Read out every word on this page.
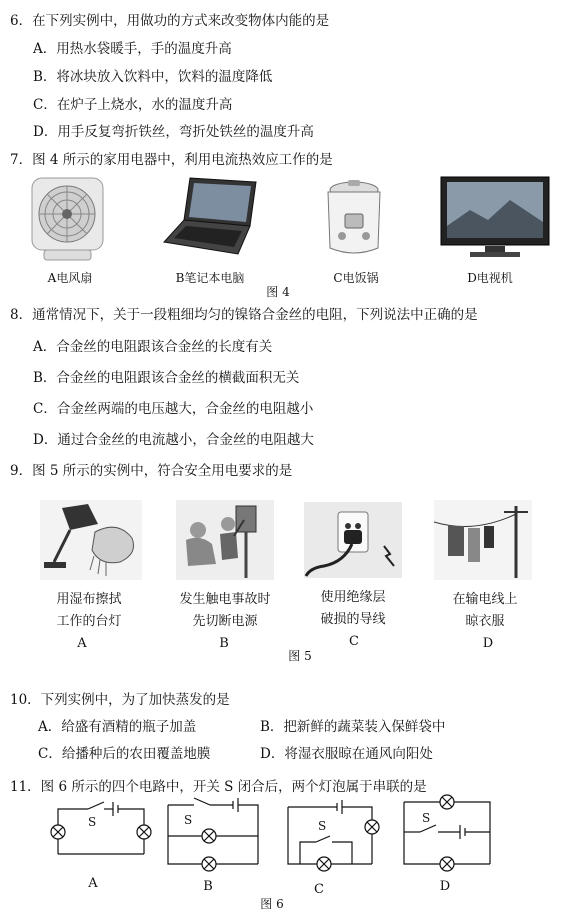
6．在下列实例中，用做功的方式来改变物体内能的是
A．用热水袋暖手，手的温度升高
B．将冰块放入饮料中，饮料的温度降低
C．在炉子上烧水，水的温度升高
D．用手反复弯折铁丝，弯折处铁丝的温度升高
7．图 4 所示的家用电器中，利用电流热效应工作的是
A电风扇	B笔记本电脑	C电饭锅	D电视机
图 4
8．通常情况下，关于一段粗细均匀的镍铬合金丝的电阻，下列说法中正确的是
A．合金丝的电阻跟该合金丝的长度有关
B．合金丝的电阻跟该合金丝的横截面积无关
C．合金丝两端的电压越大，合金丝的电阻越小
D．通过合金丝的电流越小，合金丝的电阻越大
9．图 5 所示的实例中，符合安全用电要求的是
用湿布擦拭
工作的台灯
发生触电事故时
先切断电源
使用绝缘层
破损的导线
在输电线上
晾衣服
A	B	C	D
图 5
10．下列实例中，为了加快蒸发的是
A．给盛有酒精的瓶子加盖	B．把新鲜的蔬菜装入保鲜袋中
C．给播种后的农田覆盖地膜	D．将湿衣服晾在通风向阳处
11．图 6 所示的四个电路中，开关 S 闭合后，两个灯泡属于串联的是
S	S	S
S
A	B	C	D
图 6
